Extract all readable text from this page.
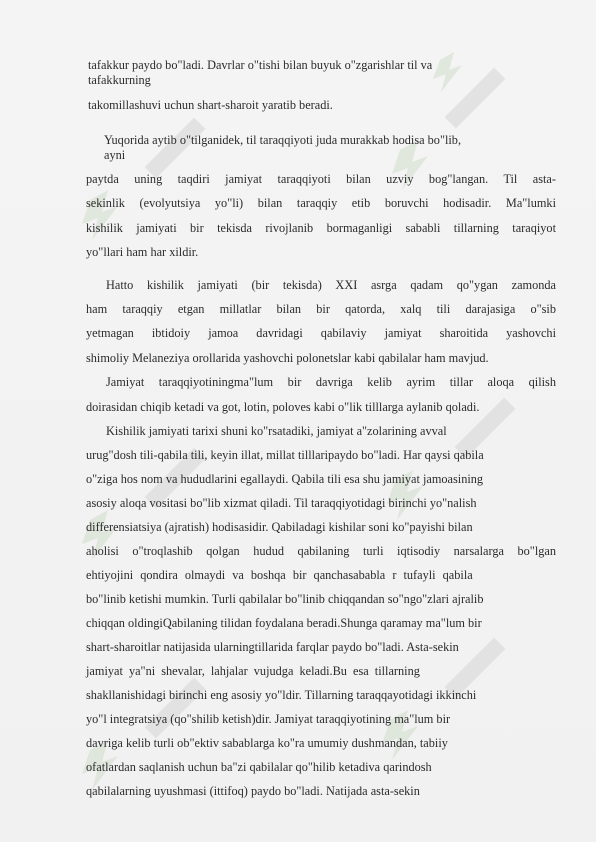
tafakkur paydo bo"ladi. Davrlar o"tishi bilan buyuk o"zgarishlar til va
tafakkurning
takomillashuvi uchun shart-sharoit yaratib beradi.
Yuqorida aytib o"tilganidek, til taraqqiyoti juda murakkab hodisa bo"lib,
ayni
paytda uning taqdiri jamiyat taraqqiyoti bilan uzviy bog"langan. Til asta-
sekinlik (evolyutsiya yo"li) bilan taraqqiy etib boruvchi hodisadir. Ma"lumki
kishilik jamiyati bir tekisda rivojlanib bormaganligi sababli tillarning taraqiyot
yo"llari ham har xildir.
Hatto kishilik jamiyati (bir tekisda) XXI asrga qadam qo"ygan zamonda
ham taraqqiy etgan millatlar bilan bir qatorda, xalq tili darajasiga o"sib
yetmagan ibtidoiy jamoa davridagi qabilaviy jamiyat sharoitida yashovchi
shimoliy Melaneziya orollarida yashovchi polonetslar kabi qabilalar ham mavjud.
Jamiyat taraqqiyotiningma"lum bir davriga kelib ayrim tillar aloqa qilish
doirasidan chiqib ketadi va got, lotin, poloves kabi o"lik tilllarga aylanib qoladi.
Kishilik jamiyati tarixi shuni ko"rsatadiki, jamiyat a"zolarining avval
urug"dosh tili-qabila tili, keyin illat, millat tilllaripaydo bo"ladi. Har qaysi qabila
o"ziga hos nom va hududlarini egallaydi. Qabila tili esa shu jamiyat jamoasining
asosiy aloqa vositasi bo"lib xizmat qiladi. Til taraqqiyotidagi birinchi yo"nalish
differensiatsiya (ajratish) hodisasidir. Qabiladagi kishilar soni ko"payishi bilan
aholisi o"troqlashib qolgan hudud qabilaning turli iqtisodiy narsalarga bo"lgan
ehtiyojini qondira olmaydi va boshqa bir qanchasababla r tufayli qabila
bo"linib ketishi mumkin. Turli qabilalar bo"linib chiqqandan so"ngo"zlari ajralib
chiqqan oldingiQabilaning tilidan foydalana beradi.Shunga qaramay ma"lum bir
shart-sharoitlar natijasida ularningtillarida farqlar paydo bo"ladi. Asta-sekin
jamiyat ya"ni shevalar, lahjalar vujudga keladi.Bu esa tillarning
shakllanishidagi birinchi eng asosiy yo"ldir. Tillarning taraqqayotidagi ikkinchi
yo"l integratsiya (qo"shilib ketish)dir. Jamiyat taraqqiyotining ma"lum bir
davriga kelib turli ob"ektiv sabablarga ko"ra umumiy dushmandan, tabiiy
ofatlardan saqlanish uchun ba"zi qabilalar qo"hilib ketadiva qarindosh
qabilalarning uyushmasi (ittifoq) paydo bo"ladi. Natijada asta-sekin
